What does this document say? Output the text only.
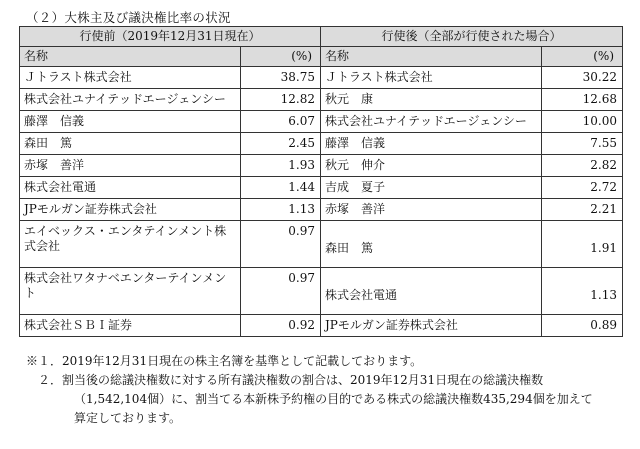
（２）大株主及び議決権比率の状況
行使前（2019年12月31日現在）		行使後（全部が行使された場合）	
名称	(%)	名称	(%)
Ｊトラスト株式会社	38.75	Ｊトラスト株式会社	30.22
株式会社ユナイテッドエージェンシー	12.82	秋元　康	12.68
藤澤　信義	6.07	株式会社ユナイテッドエージェンシー	10.00
森田　篤	2.45	藤澤　信義	7.55
赤塚　善洋	1.93	秋元　伸介	2.82
株式会社電通	1.44	吉成　夏子	2.72
JPモルガン証券株式会社	1.13	赤塚　善洋	2.21
エイベックス・エンタテインメント株式会社	0.97	森田　篤	1.91
株式会社ワタナベエンターテインメント	0.97	株式会社電通	1.13
株式会社ＳＢＩ証券	0.92	JPモルガン証券株式会社	0.89

※１．2019年12月31日現在の株主名簿を基準として記載しております。

２．割当後の総議決権数に対する所有議決権数の割合は、2019年12月31日現在の総議決権数

（1,542,104個）に、割当てる本新株予約権の目的である株式の総議決権数435,294個を加えて

算定しております。
